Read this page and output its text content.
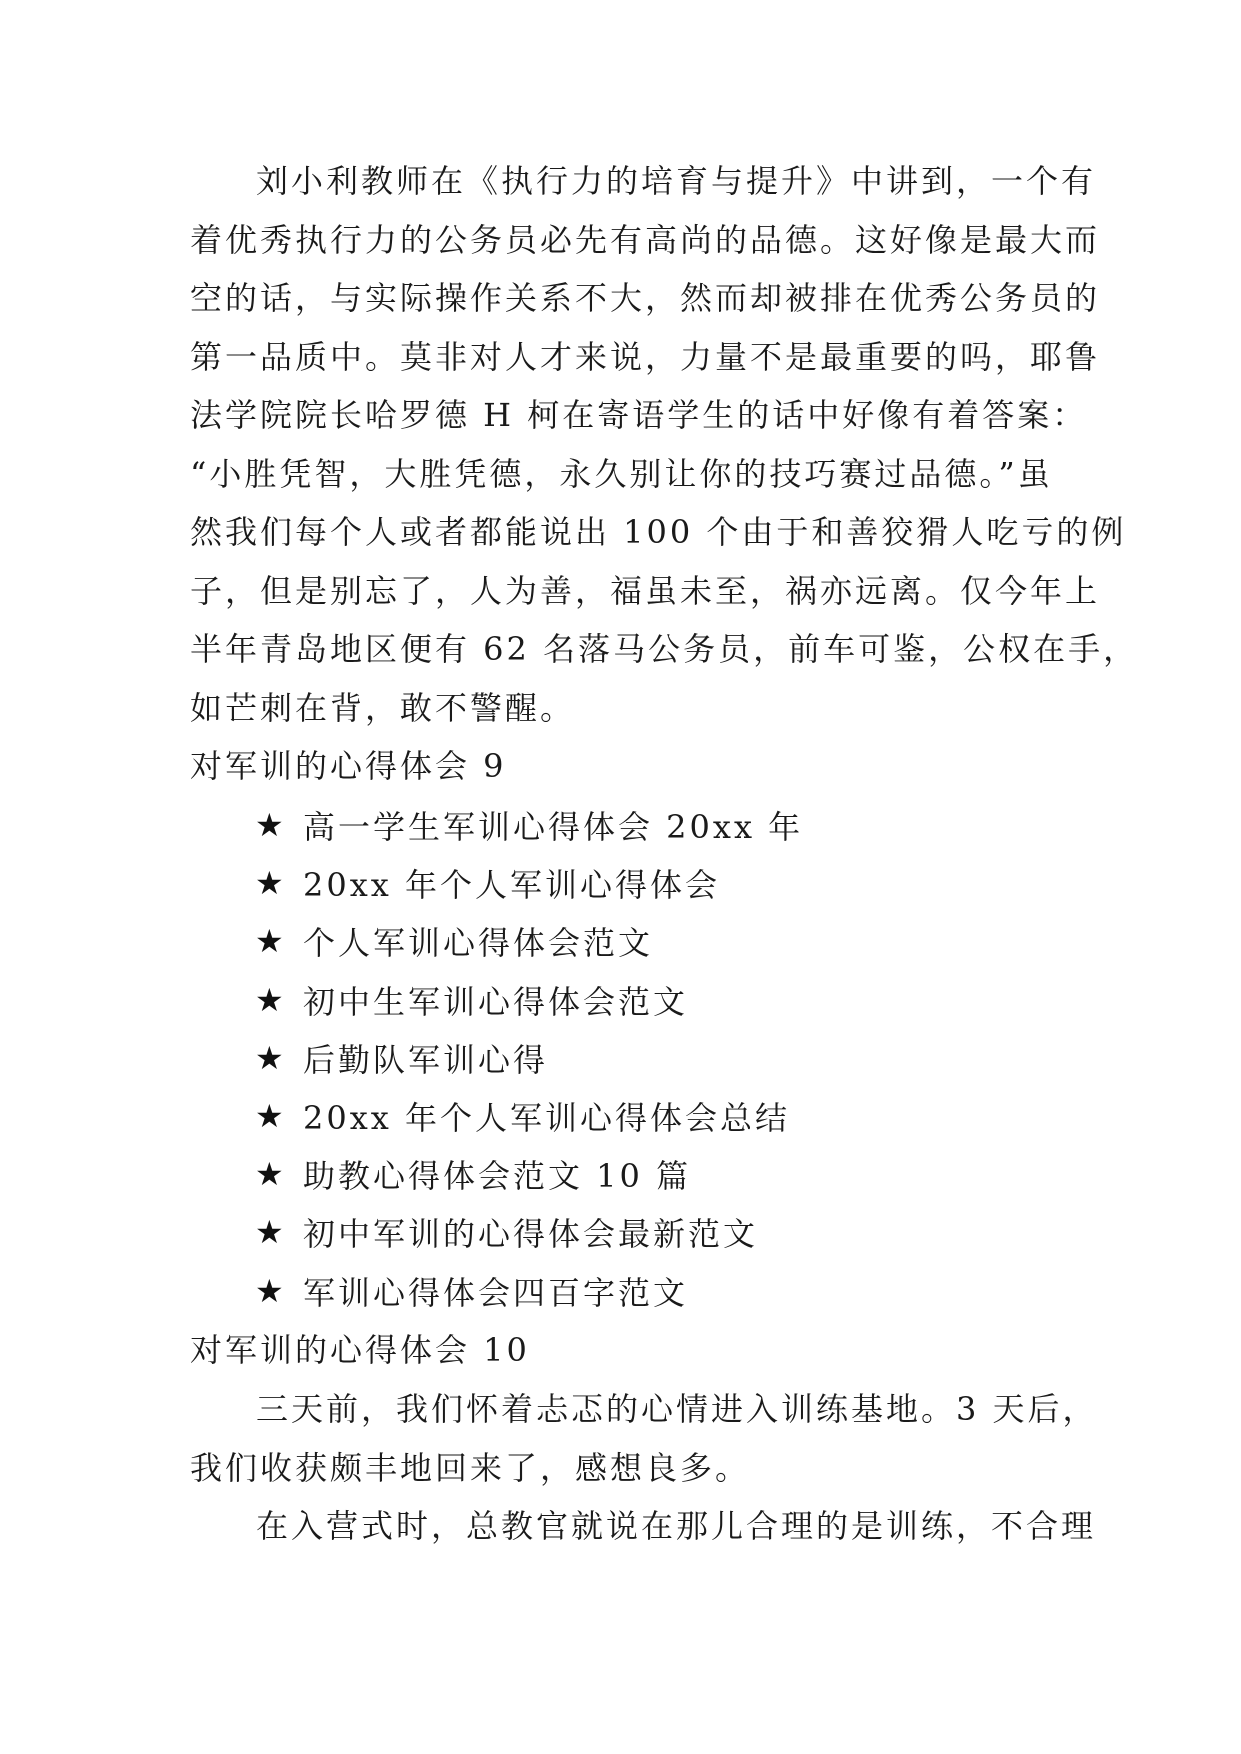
刘小利教师在《执行力的培育与提升》中讲到，一个有
着优秀执行力的公务员必先有高尚的品德。这好像是最大而
空的话，与实际操作关系不大，然而却被排在优秀公务员的
第一品质中。莫非对人才来说，力量不是最重要的吗，耶鲁
法学院院长哈罗德 H 柯在寄语学生的话中好像有着答案：
“小胜凭智，大胜凭德，永久别让你的技巧赛过品德。”虽
然我们每个人或者都能说出 100 个由于和善狡猾人吃亏的例
子，但是别忘了，人为善，福虽未至，祸亦远离。仅今年上
半年青岛地区便有 62 名落马公务员，前车可鉴，公权在手，
如芒刺在背，敢不警醒。

对军训的心得体会 9

★ 高一学生军训心得体会 20xx 年
★ 20xx 年个人军训心得体会
★ 个人军训心得体会范文
★ 初中生军训心得体会范文
★ 后勤队军训心得
★ 20xx 年个人军训心得体会总结
★ 助教心得体会范文 10 篇
★ 初中军训的心得体会最新范文
★ 军训心得体会四百字范文

对军训的心得体会 10

三天前，我们怀着忐忑的心情进入训练基地。3 天后，
我们收获颇丰地回来了，感想良多。
在入营式时，总教官就说在那儿合理的是训练，不合理
